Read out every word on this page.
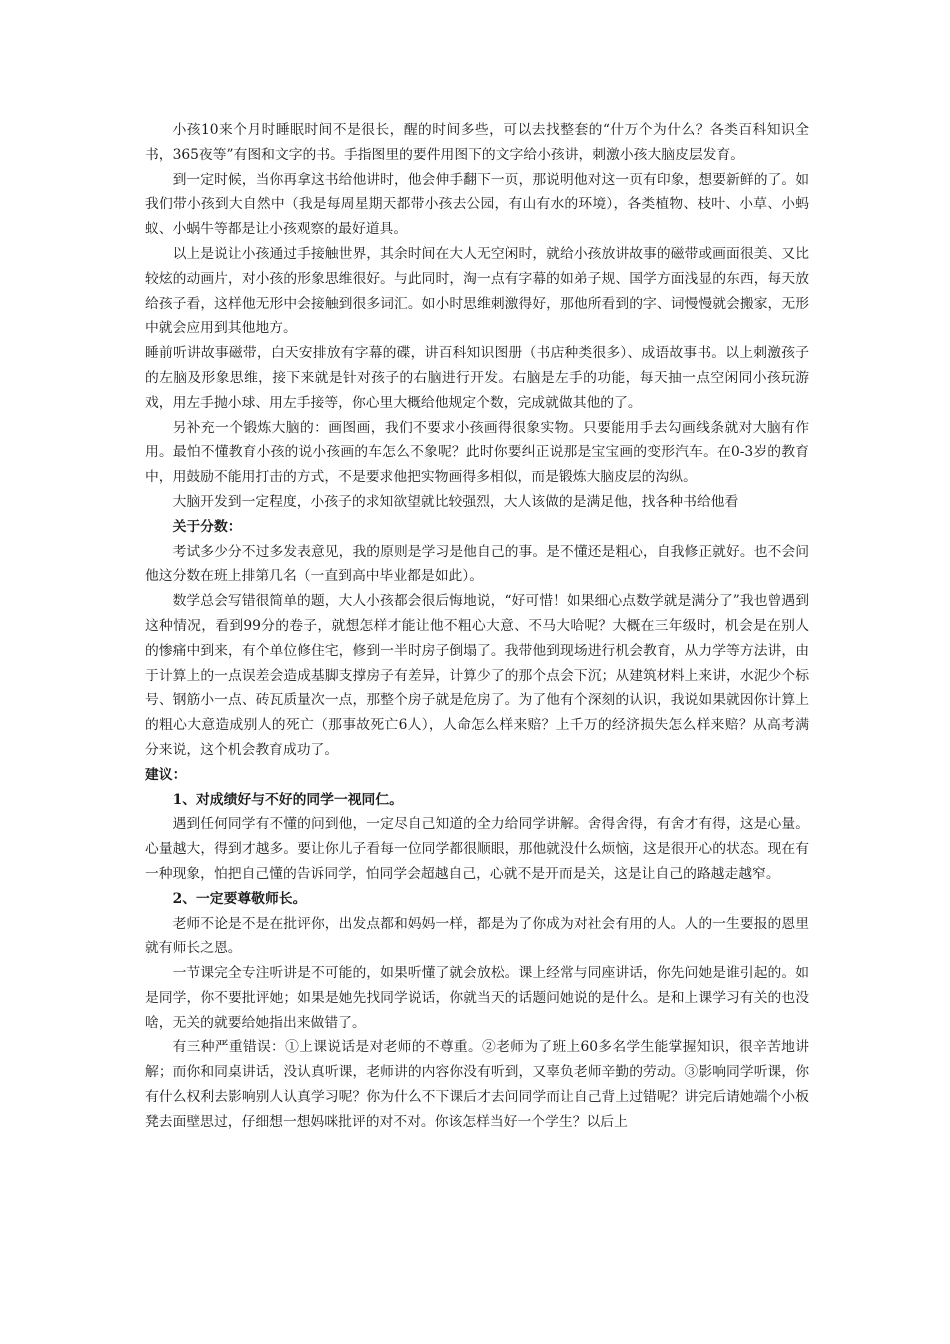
小孩10来个月时睡眠时间不是很长，醒的时间多些，可以去找整套的“什万个为什么？各类百科知识全书，365夜等”有图和文字的书。手指图里的要件用图下的文字给小孩讲，刺激小孩大脑皮层发育。

到一定时候，当你再拿这书给他讲时，他会伸手翻下一页，那说明他对这一页有印象，想要新鲜的了。如我们带小孩到大自然中（我是每周星期天都带小孩去公园，有山有水的环境），各类植物、枝叶、小草、小蚂蚁、小蜗牛等都是让小孩观察的最好道具。

以上是说让小孩通过手接触世界，其余时间在大人无空闲时，就给小孩放讲故事的磁带或画面很美、又比较炫的动画片，对小孩的形象思维很好。与此同时，淘一点有字幕的如弟子规、国学方面浅显的东西，每天放给孩子看，这样他无形中会接触到很多词汇。如小时思维刺激得好，那他所看到的字、词慢慢就会搬家，无形中就会应用到其他地方。

睡前听讲故事磁带，白天安排放有字幕的碟，讲百科知识图册（书店种类很多）、成语故事书。以上刺激孩子的左脑及形象思维，接下来就是针对孩子的右脑进行开发。右脑是左手的功能，每天抽一点空闲同小孩玩游戏，用左手抛小球、用左手接等，你心里大概给他规定个数，完成就做其他的了。

另补充一个锻炼大脑的：画图画，我们不要求小孩画得很象实物。只要能用手去勾画线条就对大脑有作用。最怕不懂教育小孩的说小孩画的车怎么不象呢？此时你要纠正说那是宝宝画的变形汽车。在0-3岁的教育中，用鼓励不能用打击的方式，不是要求他把实物画得多相似，而是锻炼大脑皮层的沟纵。

大脑开发到一定程度，小孩子的求知欲望就比较强烈，大人该做的是满足他，找各种书给他看

关于分数：

考试多少分不过多发表意见，我的原则是学习是他自己的事。是不懂还是粗心，自我修正就好。也不会问他这分数在班上排第几名（一直到高中毕业都是如此）。

数学总会写错很简单的题，大人小孩都会很后悔地说，“好可惜！如果细心点数学就是满分了”我也曾遇到这种情况，看到99分的卷子，就想怎样才能让他不粗心大意、不马大哈呢？大概在三年级时，机会是在别人的惨痛中到来，有个单位修住宅，修到一半时房子倒塌了。我带他到现场进行机会教育，从力学等方法讲，由于计算上的一点误差会造成基脚支撑房子有差异，计算少了的那个点会下沉；从建筑材料上来讲，水泥少个标号、钢筋小一点、砖瓦质量次一点，那整个房子就是危房了。为了他有个深刻的认识，我说如果就因你计算上的粗心大意造成别人的死亡（那事故死亡6人），人命怎么样来赔？上千万的经济损失怎么样来赔？从高考满分来说，这个机会教育成功了。

建议：

1、对成绩好与不好的同学一视同仁。

遇到任何同学有不懂的问到他，一定尽自己知道的全力给同学讲解。舍得舍得，有舍才有得，这是心量。心量越大，得到才越多。要让你儿子看每一位同学都很顺眼，那他就没什么烦恼，这是很开心的状态。现在有一种现象，怕把自己懂的告诉同学，怕同学会超越自己，心就不是开而是关，这是让自己的路越走越窄。

2、一定要尊敬师长。

老师不论是不是在批评你，出发点都和妈妈一样，都是为了你成为对社会有用的人。人的一生要报的恩里就有师长之恩。

一节课完全专注听讲是不可能的，如果听懂了就会放松。课上经常与同座讲话，你先问她是谁引起的。如是同学，你不要批评她；如果是她先找同学说话，你就当天的话题问她说的是什么。是和上课学习有关的也没啥，无关的就要给她指出来做错了。

有三种严重错误：①上课说话是对老师的不尊重。②老师为了班上60多名学生能掌握知识，很辛苦地讲解；而你和同桌讲话，没认真听课，老师讲的内容你没有听到，又辜负老师辛勤的劳动。③影响同学听课，你有什么权利去影响别人认真学习呢？你为什么不下课后才去问同学而让自己背上过错呢？讲完后请她端个小板凳去面壁思过，仔细想一想妈咪批评的对不对。你该怎样当好一个学生？以后上
